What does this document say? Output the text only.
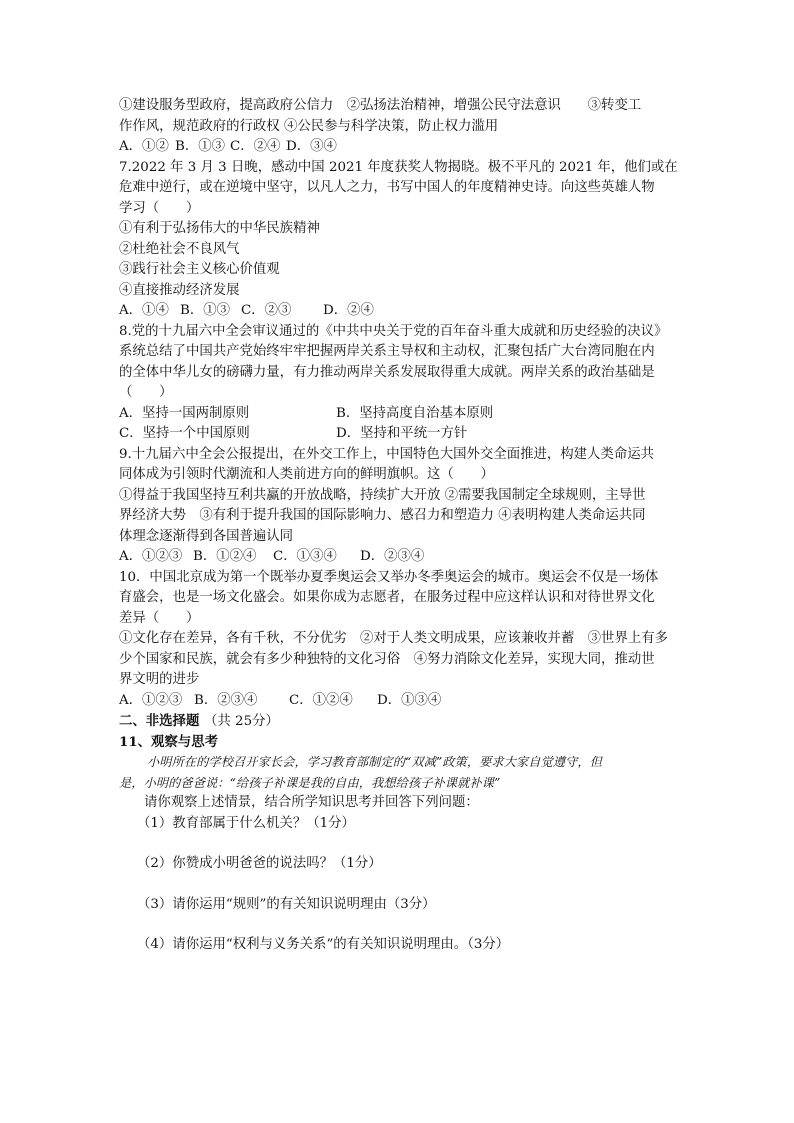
①建设服务型政府，提高政府公信力　②弘扬法治精神，增强公民守法意识　　③转变工
作作风，规范政府的行政权 ④公民参与科学决策，防止权力滥用
A．①② B．①③ C．②④ D．③④
7.2022 年 3 月 3 日晚，感动中国 2021 年度获奖人物揭晓。极不平凡的 2021 年，他们或在
危难中逆行，或在逆境中坚守，以凡人之力，书写中国人的年度精神史诗。向这些英雄人物
学习（　　）
①有利于弘扬伟大的中华民族精神
②杜绝社会不良风气
③践行社会主义核心价值观
④直接推动经济发展
A．①④ B．①③ C．②③	D．②④
8.党的十九届六中全会审议通过的《中共中央关于党的百年奋斗重大成就和历史经验的决议》
系统总结了中国共产党始终牢牢把握两岸关系主导权和主动权，汇聚包括广大台湾同胞在内
的全体中华儿女的磅礴力量，有力推动两岸关系发展取得重大成就。两岸关系的政治基础是
（　　）
A．坚持一国两制原则	B．坚持高度自治基本原则
C．坚持一个中国原则	D．坚持和平统一方针
9.十九届六中全会公报提出，在外交工作上，中国特色大国外交全面推进，构建人类命运共
同体成为引领时代潮流和人类前进方向的鲜明旗帜。这（　　）
①得益于我国坚持互利共赢的开放战略，持续扩大开放 ②需要我国制定全球规则，主导世
界经济大势　③有利于提升我国的国际影响力、感召力和塑造力 ④表明构建人类命运共同
体理念逐渐得到各国普遍认同
A．①②③ B．①②④	C．①③④	D．②③④
10．中国北京成为第一个既举办夏季奥运会又举办冬季奥运会的城市。奥运会不仅是一场体
育盛会，也是一场文化盛会。如果你成为志愿者，在服务过程中应这样认识和对待世界文化
差异（　　）
①文化存在差异，各有千秋，不分优劣　②对于人类文明成果，应该兼收并蓄　③世界上有多
少个国家和民族，就会有多少种独特的文化习俗　④努力消除文化差异，实现大同，推动世
界文明的进步
A．①②③ B．②③④	C．①②④	D．①③④
二、非选择题 （共 25分）
11、观察与思考
小明所在的学校召开家长会，学习教育部制定的“双减”政策，要求大家自觉遵守，但
是，小明的爸爸说：“给孩子补课是我的自由，我想给孩子补课就补课”
请你观察上述情景，结合所学知识思考并回答下列问题：
（1）教育部属于什么机关？（1分）
（2）你赞成小明爸爸的说法吗？（1分）
（3）请你运用“规则”的有关知识说明理由（3分）
（4）请你运用“权利与义务关系”的有关知识说明理由。（3分）
